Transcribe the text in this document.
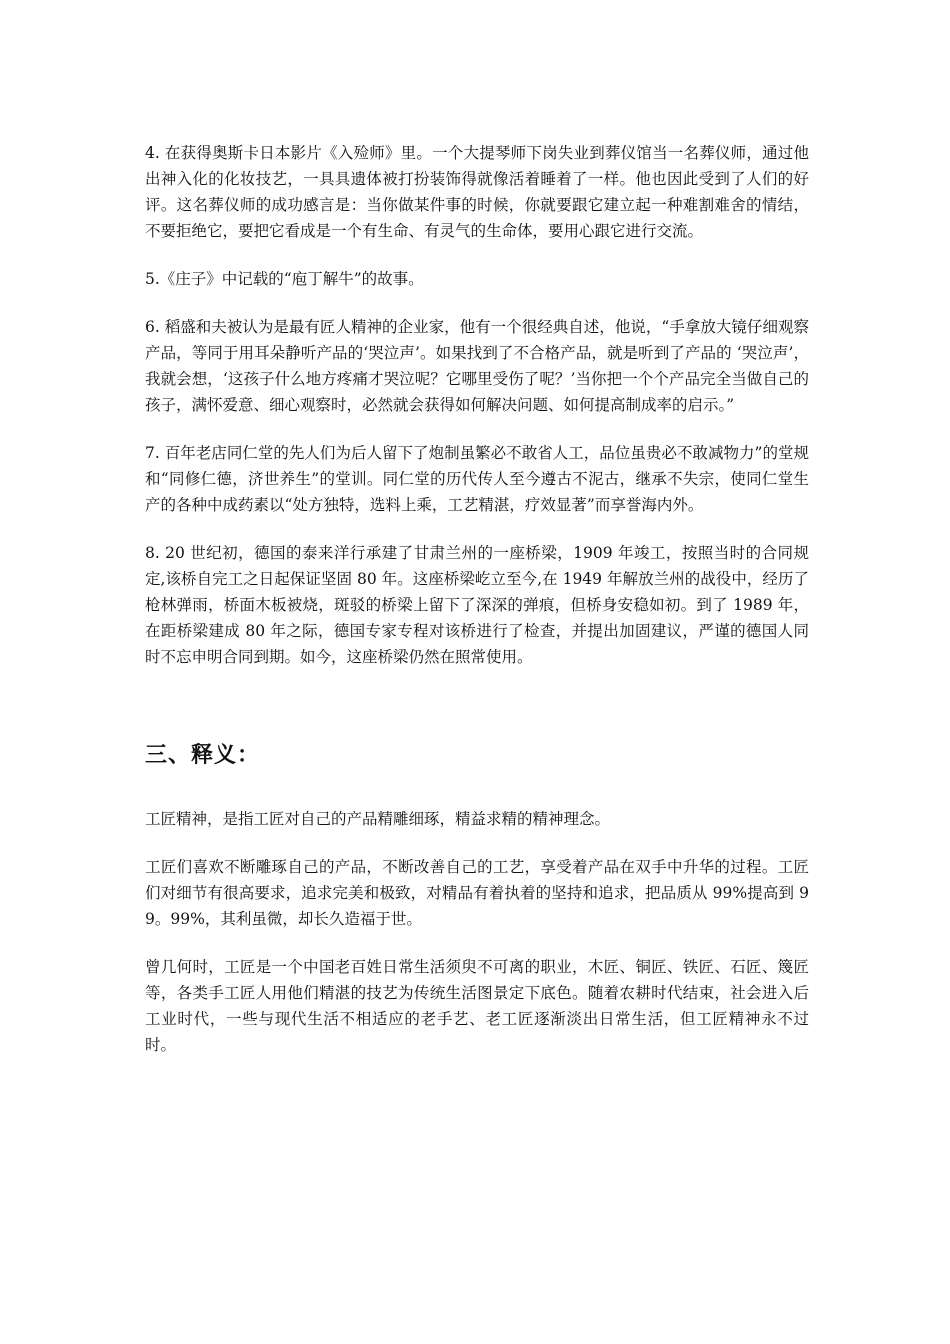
4. 在获得奥斯卡日本影片《入殓师》里。一个大提琴师下岗失业到葬仪馆当一名葬仪师，通过他出神入化的化妆技艺，一具具遗体被打扮装饰得就像活着睡着了一样。他也因此受到了人们的好评。这名葬仪师的成功感言是：当你做某件事的时候，你就要跟它建立起一种难割难舍的情结，不要拒绝它，要把它看成是一个有生命、有灵气的生命体，要用心跟它进行交流。

5.《庄子》中记载的“庖丁解牛”的故事。

6. 稻盛和夫被认为是最有匠人精神的企业家，他有一个很经典自述，他说，“手拿放大镜仔细观察产品，等同于用耳朵静听产品的‘哭泣声’。如果找到了不合格产品，就是听到了产品的 ‘哭泣声’，我就会想，‘这孩子什么地方疼痛才哭泣呢？它哪里受伤了呢？’当你把一个个产品完全当做自己的孩子，满怀爱意、细心观察时，必然就会获得如何解决问题、如何提高制成率的启示。”

7. 百年老店同仁堂的先人们为后人留下了炮制虽繁必不敢省人工，品位虽贵必不敢减物力”的堂规和“同修仁德，济世养生”的堂训。同仁堂的历代传人至今遵古不泥古，继承不失宗，使同仁堂生产的各种中成药素以“处方独特，选料上乘，工艺精湛，疗效显著”而享誉海内外。

8. 20 世纪初，德国的泰来洋行承建了甘肃兰州的一座桥梁，1909 年竣工，按照当时的合同规定,该桥自完工之日起保证坚固 80 年。这座桥梁屹立至今,在 1949 年解放兰州的战役中，经历了枪林弹雨，桥面木板被烧，斑驳的桥梁上留下了深深的弹痕，但桥身安稳如初。到了 1989 年，在距桥梁建成 80 年之际，德国专家专程对该桥进行了检查，并提出加固建议，严谨的德国人同时不忘申明合同到期。如今，这座桥梁仍然在照常使用。

三、释义：

工匠精神，是指工匠对自己的产品精雕细琢，精益求精的精神理念。

工匠们喜欢不断雕琢自己的产品，不断改善自己的工艺，享受着产品在双手中升华的过程。工匠们对细节有很高要求，追求完美和极致，对精品有着执着的坚持和追求，把品质从 99%提高到 99。99%，其利虽微，却长久造福于世。

曾几何时，工匠是一个中国老百姓日常生活须臾不可离的职业，木匠、铜匠、铁匠、石匠、篾匠等，各类手工匠人用他们精湛的技艺为传统生活图景定下底色。随着农耕时代结束，社会进入后工业时代，一些与现代生活不相适应的老手艺、老工匠逐渐淡出日常生活，但工匠精神永不过时。
